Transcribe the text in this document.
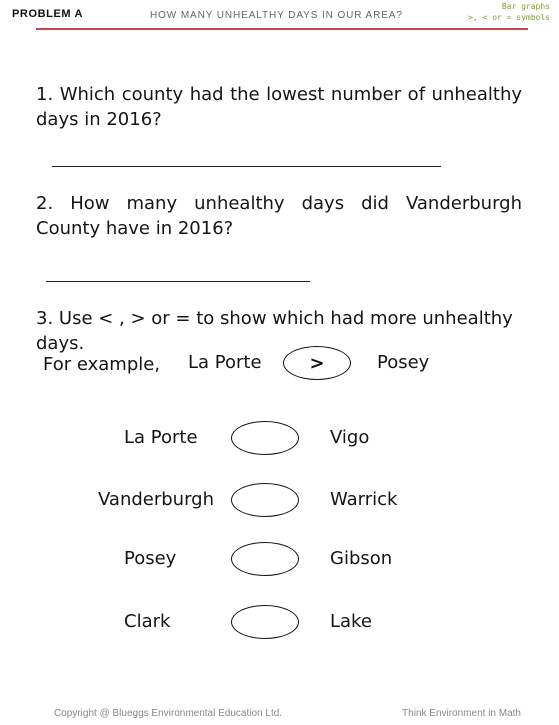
PROBLEM A	HOW MANY UNHEALTHY DAYS IN OUR AREA?
Bar graphs
>, < or = symbols
1. Which county had the lowest number of unhealthy days in 2016?
2. How many unhealthy days did Vanderburgh County have in 2016?
3. Use < , > or = to show which had more unhealthy days.
For example, La Porte	>	Posey
La Porte	Vigo
Vanderburgh	Warrick
Posey	Gibson
Clark	Lake
Copyright @ Blueggs Environmental Education Ltd.	Think Environment in Math
